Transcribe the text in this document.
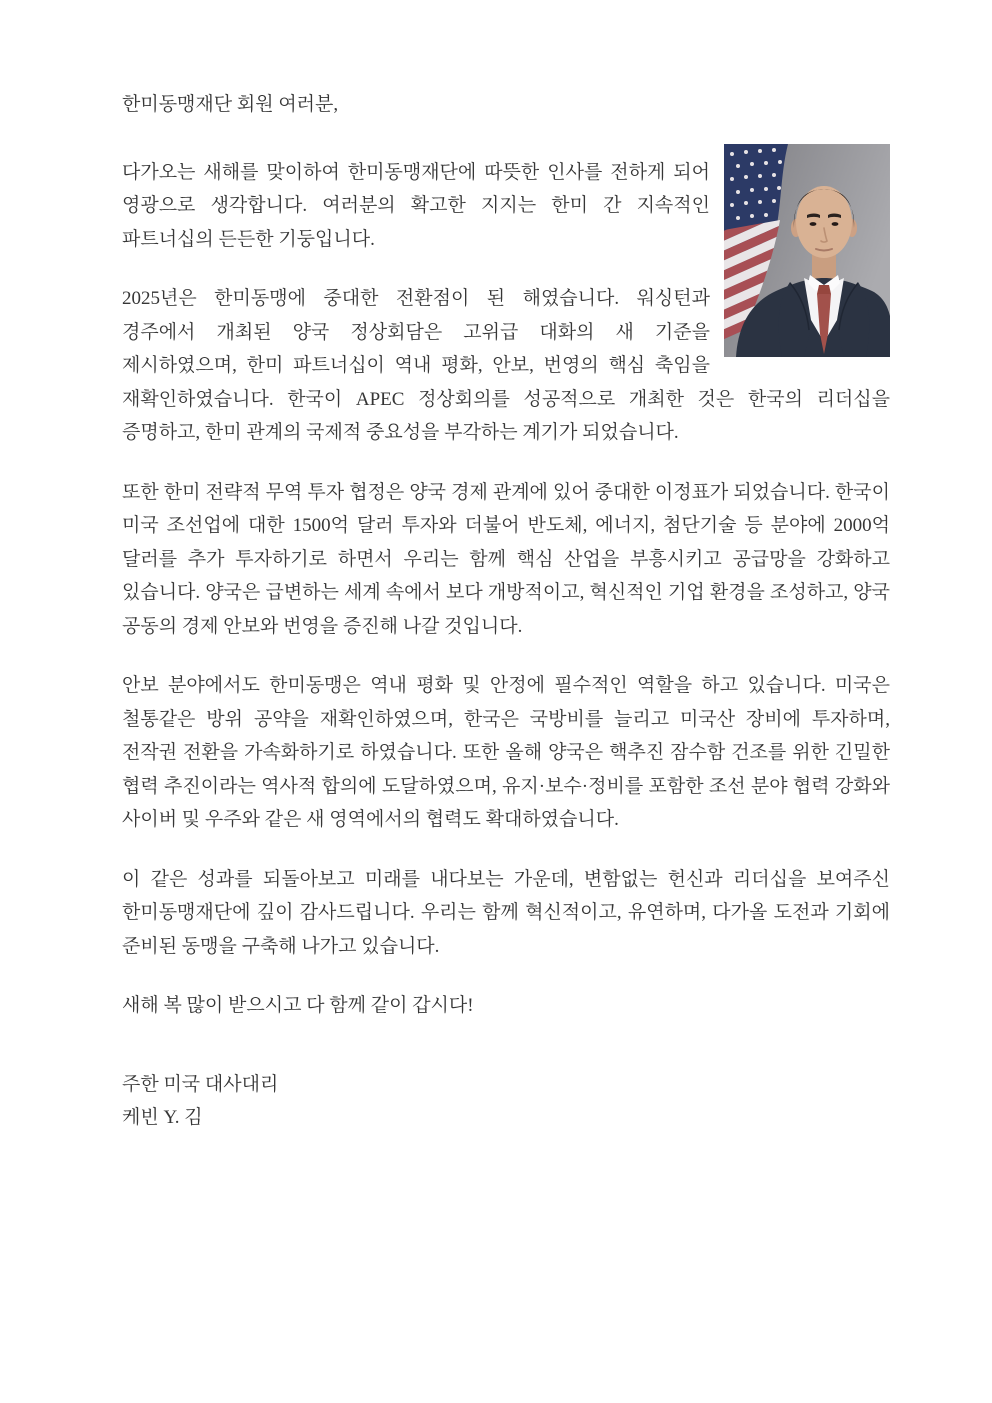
한미동맹재단 회원 여러분,

다가오는 새해를 맞이하여 한미동맹재단에 따뜻한 인사를 전하게 되어 영광으로 생각합니다. 여러분의 확고한 지지는 한미 간 지속적인 파트너십의 든든한 기둥입니다.

2025년은 한미동맹에 중대한 전환점이 된 해였습니다. 워싱턴과 경주에서 개최된 양국 정상회담은 고위급 대화의 새 기준을 제시하였으며, 한미 파트너십이 역내 평화, 안보, 번영의 핵심 축임을 재확인하였습니다. 한국이 APEC 정상회의를 성공적으로 개최한 것은 한국의 리더십을 증명하고, 한미 관계의 국제적 중요성을 부각하는 계기가 되었습니다.

또한 한미 전략적 무역 투자 협정은 양국 경제 관계에 있어 중대한 이정표가 되었습니다. 한국이 미국 조선업에 대한 1500억 달러 투자와 더불어 반도체, 에너지, 첨단기술 등 분야에 2000억 달러를 추가 투자하기로 하면서 우리는 함께 핵심 산업을 부흥시키고 공급망을 강화하고 있습니다. 양국은 급변하는 세계 속에서 보다 개방적이고, 혁신적인 기업 환경을 조성하고, 양국 공동의 경제 안보와 번영을 증진해 나갈 것입니다.

안보 분야에서도 한미동맹은 역내 평화 및 안정에 필수적인 역할을 하고 있습니다. 미국은 철통같은 방위 공약을 재확인하였으며, 한국은 국방비를 늘리고 미국산 장비에 투자하며, 전작권 전환을 가속화하기로 하였습니다. 또한 올해 양국은 핵추진 잠수함 건조를 위한 긴밀한 협력 추진이라는 역사적 합의에 도달하였으며, 유지·보수·정비를 포함한 조선 분야 협력 강화와 사이버 및 우주와 같은 새 영역에서의 협력도 확대하였습니다.

이 같은 성과를 되돌아보고 미래를 내다보는 가운데, 변함없는 헌신과 리더십을 보여주신 한미동맹재단에 깊이 감사드립니다. 우리는 함께 혁신적이고, 유연하며, 다가올 도전과 기회에 준비된 동맹을 구축해 나가고 있습니다.

새해 복 많이 받으시고 다 함께 같이 갑시다!

주한 미국 대사대리
케빈 Y. 김
